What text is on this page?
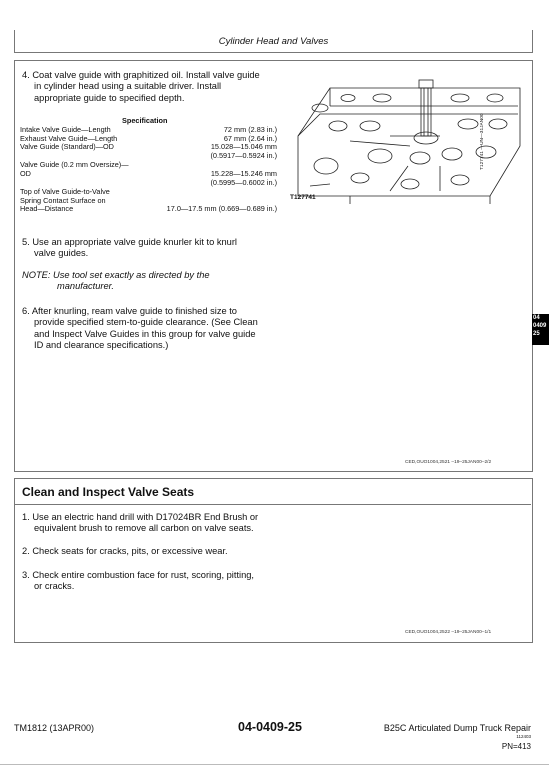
Cylinder Head and Valves
4. Coat valve guide with graphitized oil. Install valve guide
in cylinder head using a suitable driver. Install
appropriate guide to specified depth.
Specification
Intake Valve Guide—Length	72 mm (2.83 in.)
Exhaust Valve Guide—Length	67 mm (2.64 in.)
Valve Guide (Standard)—OD	15.028—15.046 mm
(0.5917—0.5924 in.)
Valve Guide (0.2 mm Oversize)—
OD	15.228—15.246 mm
(0.5995—0.6002 in.)
Top of Valve Guide-to-Valve
Spring Contact Surface on
Head—Distance	17.0—17.5 mm (0.669—0.689 in.)
5. Use an appropriate valve guide knurler kit to knurl
valve guides.
NOTE: Use tool set exactly as directed by the
manufacturer.
6. After knurling, ream valve guide to finished size to
provide specified stem-to-guide clearance. (See Clean
and Inspect Valve Guides in this group for valve guide
ID and clearance specifications.)
T127741
T127741 —UN—31JAN00
CED,OUO1004,2521 –19–25JAN00–2/2
04
0409
25
Clean and Inspect Valve Seats
1. Use an electric hand drill with D17024BR End Brush or
equivalent brush to remove all carbon on valve seats.
2. Check seats for cracks, pits, or excessive wear.
3. Check entire combustion face for rust, scoring, pitting,
or cracks.
CED,OUO1004,2522 –19–25JAN00–1/1
TM1812 (13APR00)	04-0409-25	B25C Articulated Dump Truck Repair
112403
PN=413
